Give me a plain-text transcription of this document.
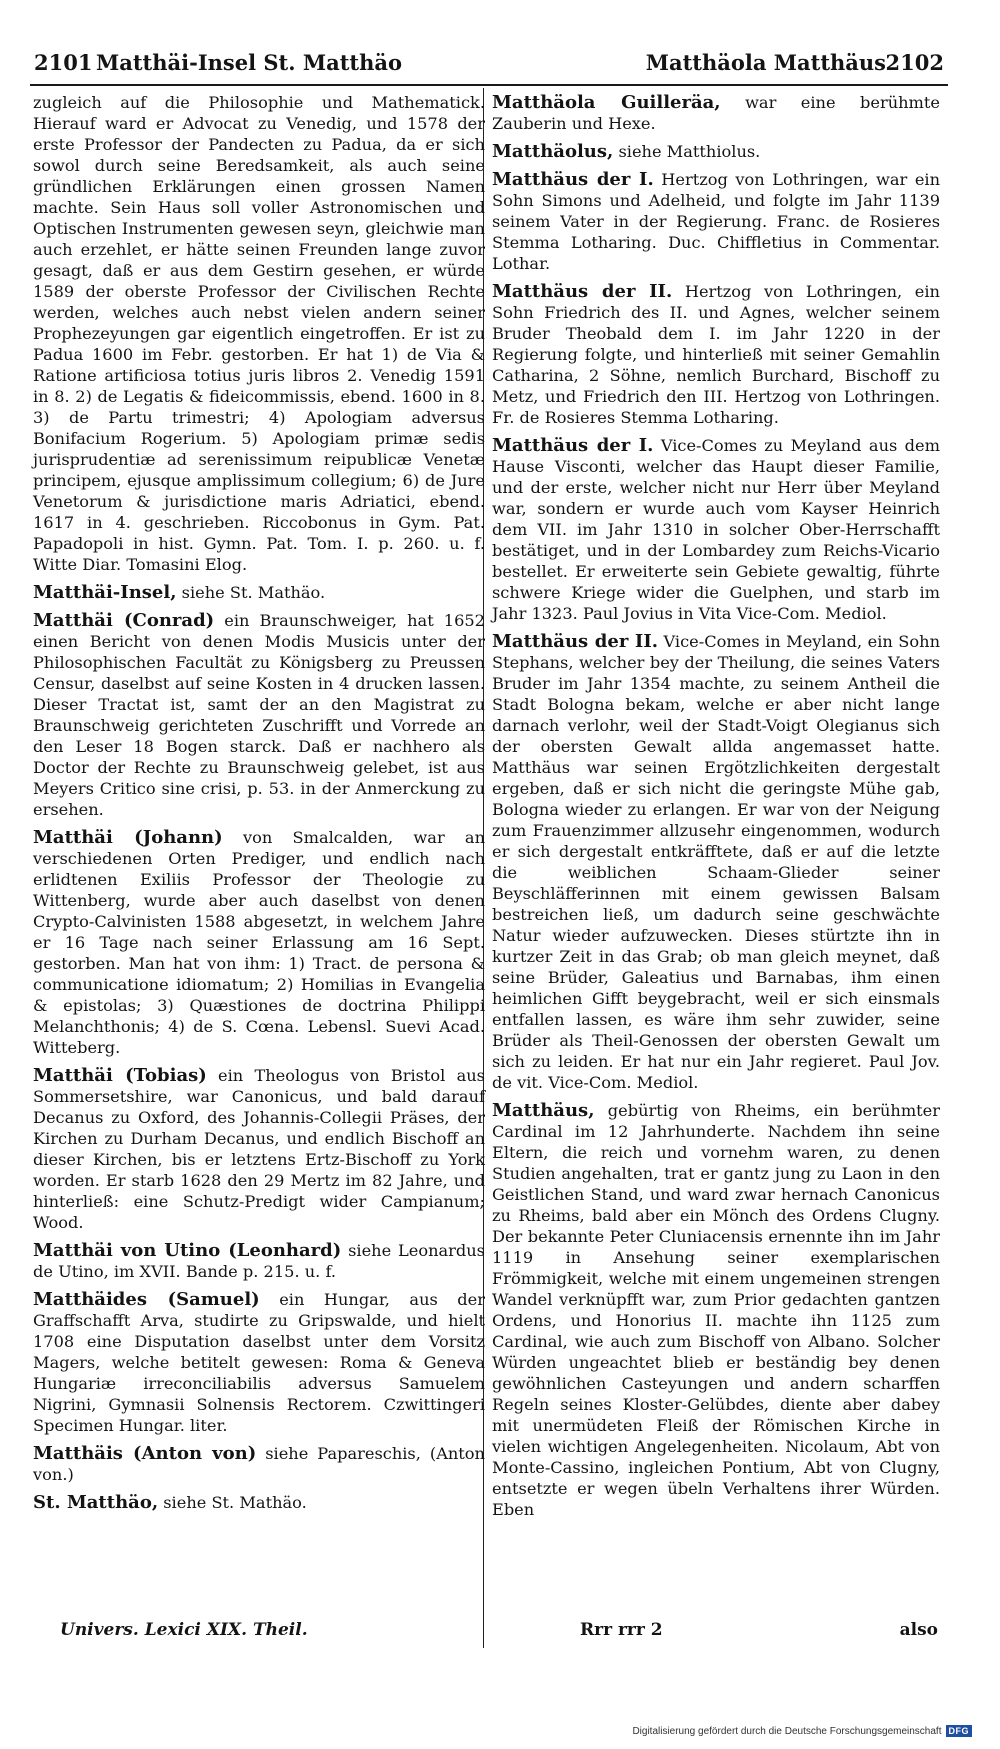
2101 Matthäi-Insel St. Matthäo	Matthäola Matthäus 2102

zugleich auf die Philosophie und Mathematick. Hierauf ward er Advocat zu Venedig, und 1578 der erste Professor der Pandecten zu Padua, da er sich sowol durch seine Beredsamkeit, als auch seine gründlichen Erklärungen einen grossen Namen machte. Sein Haus soll voller Astronomischen und Optischen Instrumenten gewesen seyn, gleichwie man auch erzehlet, er hätte seinen Freunden lange zuvor gesagt, daß er aus dem Gestirn gesehen, er würde 1589 der oberste Professor der Civilischen Rechte werden, welches auch nebst vielen andern seiner Prophezeyungen gar eigentlich eingetroffen. Er ist zu Padua 1600 im Febr. gestorben. Er hat 1) de Via & Ratione artificiosa totius juris libros 2. Venedig 1591 in 8. 2) de Legatis & fideicommissis, ebend. 1600 in 8. 3) de Partu trimestri; 4) Apologiam adversus Bonifacium Rogerium. 5) Apologiam primæ sedis jurisprudentiæ ad serenissimum reipublicæ Venetæ principem, ejusque amplissimum collegium; 6) de Jure Venetorum & jurisdictione maris Adriatici, ebend. 1617 in 4. geschrieben. Riccobonus in Gym. Pat. Papadopoli in hist. Gymn. Pat. Tom. I. p. 260. u. f. Witte Diar. Tomasini Elog.

Matthäi-Insel, siehe St. Mathäo.

Matthäi (Conrad) ein Braunschweiger, hat 1652 einen Bericht von denen Modis Musicis unter der Philosophischen Facultät zu Königsberg zu Preussen Censur, daselbst auf seine Kosten in 4 drucken lassen. Dieser Tractat ist, samt der an den Magistrat zu Braunschweig gerichteten Zuschrifft und Vorrede an den Leser 18 Bogen starck. Daß er nachhero als Doctor der Rechte zu Braunschweig gelebet, ist aus Meyers Critico sine crisi, p. 53. in der Anmerckung zu ersehen.

Matthäi (Johann) von Smalcalden, war an verschiedenen Orten Prediger, und endlich nach erlidtenen Exiliis Professor der Theologie zu Wittenberg, wurde aber auch daselbst von denen Crypto-Calvinisten 1588 abgesetzt, in welchem Jahre er 16 Tage nach seiner Erlassung am 16 Sept. gestorben. Man hat von ihm: 1) Tract. de persona & communicatione idiomatum; 2) Homilias in Evangelia & epistolas; 3) Quæstiones de doctrina Philippi Melanchthonis; 4) de S. Cœna. Lebensl. Suevi Acad. Witteberg.

Matthäi (Tobias) ein Theologus von Bristol aus Sommersetshire, war Canonicus, und bald darauf Decanus zu Oxford, des Johannis-Collegii Präses, der Kirchen zu Durham Decanus, und endlich Bischoff an dieser Kirchen, bis er letztens Ertz-Bischoff zu York worden. Er starb 1628 den 29 Mertz im 82 Jahre, und hinterließ: eine Schutz-Predigt wider Campianum; Wood.

Matthäi von Utino (Leonhard) siehe Leonardus de Utino, im XVII. Bande p. 215. u. f.

Matthäides (Samuel) ein Hungar, aus der Graffschafft Arva, studirte zu Gripswalde, und hielt 1708 eine Disputation daselbst unter dem Vorsitz Magers, welche betitelt gewesen: Roma & Geneva Hungariæ irreconciliabilis adversus Samuelem Nigrini, Gymnasii Solnensis Rectorem. Czwittingeri Specimen Hungar. liter.

Matthäis (Anton von) siehe Papareschis, (Anton von.)

St. Matthäo, siehe St. Mathäo.

Matthäola Guilleräa, war eine berühmte Zauberin und Hexe.

Matthäolus, siehe Matthiolus.

Matthäus der I. Hertzog von Lothringen, war ein Sohn Simons und Adelheid, und folgte im Jahr 1139 seinem Vater in der Regierung. Franc. de Rosieres Stemma Lotharing. Duc. Chiffletius in Commentar. Lothar.

Matthäus der II. Hertzog von Lothringen, ein Sohn Friedrich des II. und Agnes, welcher seinem Bruder Theobald dem I. im Jahr 1220 in der Regierung folgte, und hinterließ mit seiner Gemahlin Catharina, 2 Söhne, nemlich Burchard, Bischoff zu Metz, und Friedrich den III. Hertzog von Lothringen. Fr. de Rosieres Stemma Lotharing.

Matthäus der I. Vice-Comes zu Meyland aus dem Hause Visconti, welcher das Haupt dieser Familie, und der erste, welcher nicht nur Herr über Meyland war, sondern er wurde auch vom Kayser Heinrich dem VII. im Jahr 1310 in solcher Ober-Herrschafft bestätiget, und in der Lombardey zum Reichs-Vicario bestellet. Er erweiterte sein Gebiete gewaltig, führte schwere Kriege wider die Guelphen, und starb im Jahr 1323. Paul Jovius in Vita Vice-Com. Mediol.

Matthäus der II. Vice-Comes in Meyland, ein Sohn Stephans, welcher bey der Theilung, die seines Vaters Bruder im Jahr 1354 machte, zu seinem Antheil die Stadt Bologna bekam, welche er aber nicht lange darnach verlohr, weil der Stadt-Voigt Olegianus sich der obersten Gewalt allda angemasset hatte. Matthäus war seinen Ergötzlichkeiten dergestalt ergeben, daß er sich nicht die geringste Mühe gab, Bologna wieder zu erlangen. Er war von der Neigung zum Frauenzimmer allzusehr eingenommen, wodurch er sich dergestalt entkräfftete, daß er auf die letzte die weiblichen Schaam-Glieder seiner Beyschläfferinnen mit einem gewissen Balsam bestreichen ließ, um dadurch seine geschwächte Natur wieder aufzuwecken. Dieses stürtzte ihn in kurtzer Zeit in das Grab; ob man gleich meynet, daß seine Brüder, Galeatius und Barnabas, ihm einen heimlichen Gifft beygebracht, weil er sich einsmals entfallen lassen, es wäre ihm sehr zuwider, seine Brüder als Theil-Genossen der obersten Gewalt um sich zu leiden. Er hat nur ein Jahr regieret. Paul Jov. de vit. Vice-Com. Mediol.

Matthäus, gebürtig von Rheims, ein berühmter Cardinal im 12 Jahrhunderte. Nachdem ihn seine Eltern, die reich und vornehm waren, zu denen Studien angehalten, trat er gantz jung zu Laon in den Geistlichen Stand, und ward zwar hernach Canonicus zu Rheims, bald aber ein Mönch des Ordens Clugny. Der bekannte Peter Cluniacensis ernennte ihn im Jahr 1119 in Ansehung seiner exemplarischen Frömmigkeit, welche mit einem ungemeinen strengen Wandel verknüpfft war, zum Prior gedachten gantzen Ordens, und Honorius II. machte ihn 1125 zum Cardinal, wie auch zum Bischoff von Albano. Solcher Würden ungeachtet blieb er beständig bey denen gewöhnlichen Casteyungen und andern scharffen Regeln seines Kloster-Gelübdes, diente aber dabey mit unermüdeten Fleiß der Römischen Kirche in vielen wichtigen Angelegenheiten. Nicolaum, Abt von Monte-Cassino, ingleichen Pontium, Abt von Clugny, entsetzte er wegen übeln Verhaltens ihrer Würden. Eben

Univers. Lexici XIX. Theil.	Rrr rrr 2	also
Digitalisierung gefördert durch die Deutsche Forschungsgemeinschaft DFG
